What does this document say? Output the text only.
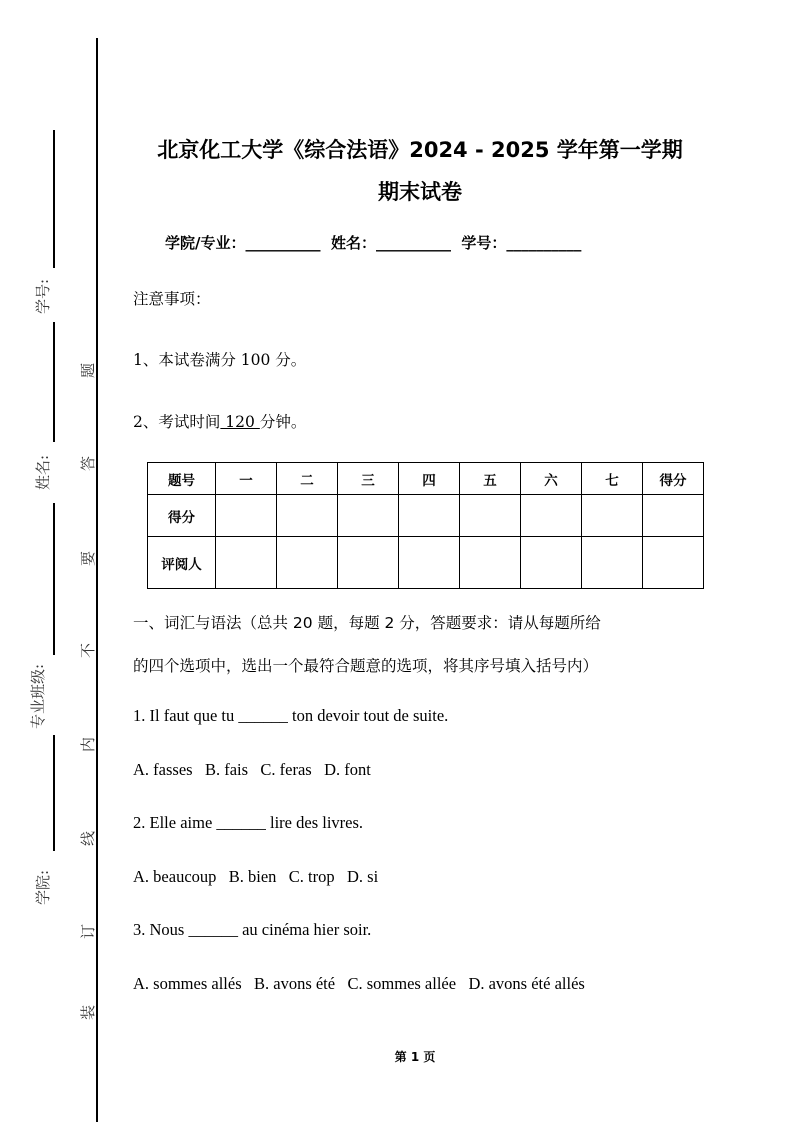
学号:
姓名:
专业班级:
学院:
题
答
要
不
内
线
订
装
北京化工大学《综合法语》2024 - 2025 学年第一学期
期末试卷
学院/专业：__________ 姓名：__________ 学号：__________
注意事项：
1、本试卷满分 100 分。
2、考试时间 120 分钟。
题号	一	二	三	四	五	六	七	得分
得分								
评阅人								
一、词汇与语法（总共 20 题，每题 2 分，答题要求：请从每题所给
的四个选项中，选出一个最符合题意的选项，将其序号填入括号内）
1. Il faut que tu ______ ton devoir tout de suite.
A. fasses   B. fais   C. feras   D. font
2. Elle aime ______ lire des livres.
A. beaucoup   B. bien   C. trop   D. si
3. Nous ______ au cinéma hier soir.
A. sommes allés   B. avons été   C. sommes allée   D. avons été allés
第 1 页
